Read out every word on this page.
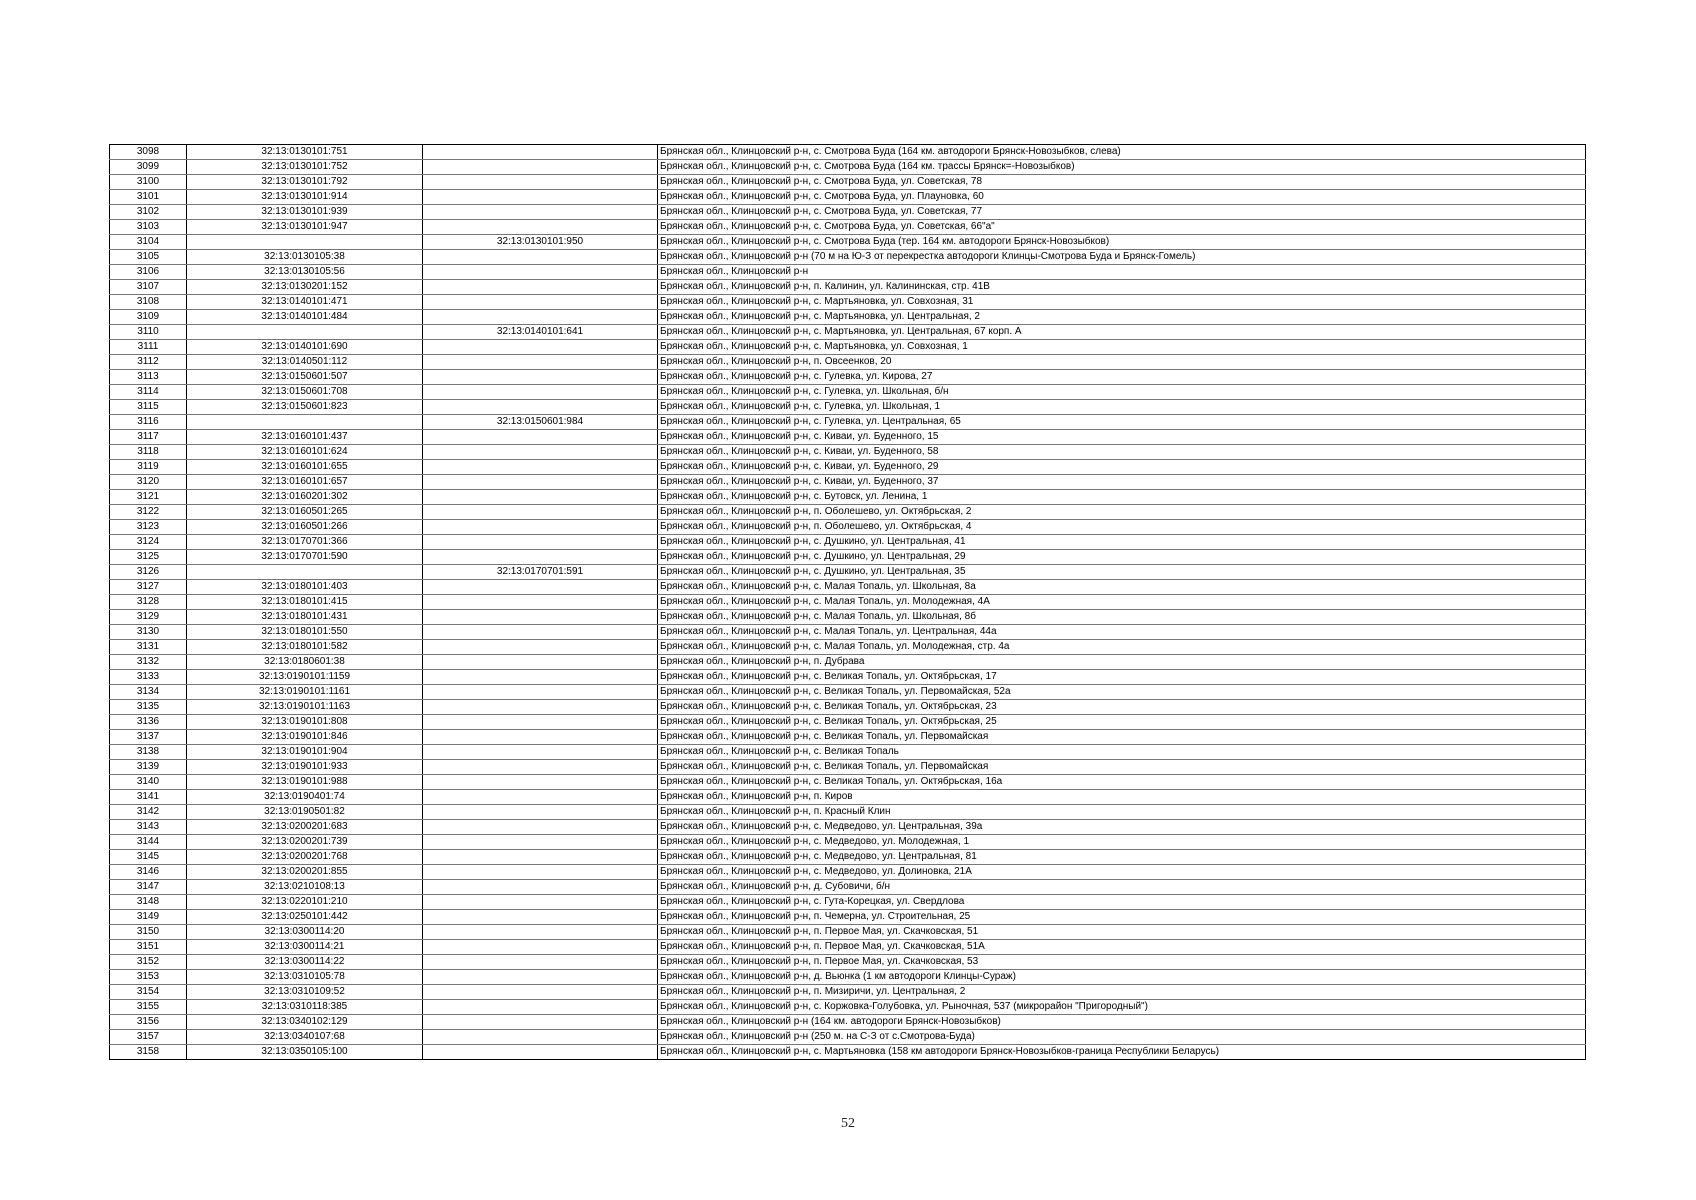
3098	32:13:0130101:751		Брянская обл., Клинцовский р-н, с. Смотрова Буда (164 км. автодороги Брянск-Новозыбков, слева)
3099	32:13:0130101:752		Брянская обл., Клинцовский р-н, с. Смотрова Буда (164 км. трассы Брянск=-Новозыбков)
3100	32:13:0130101:792		Брянская обл., Клинцовский р-н, с. Смотрова Буда, ул. Советская, 78
3101	32:13:0130101:914		Брянская обл., Клинцовский р-н, с. Смотрова Буда, ул. Плауновка, 60
3102	32:13:0130101:939		Брянская обл., Клинцовский р-н, с. Смотрова Буда, ул. Советская, 77
3103	32:13:0130101:947		Брянская обл., Клинцовский р-н, с. Смотрова Буда, ул. Советская, 66"а"
3104		32:13:0130101:950	Брянская обл., Клинцовский р-н, с. Смотрова Буда (тер. 164 км. автодороги Брянск-Новозыбков)
3105	32:13:0130105:38		Брянская обл., Клинцовский р-н (70 м на Ю-З от перекрестка автодороги Клинцы-Смотрова Буда и Брянск-Гомель)
3106	32:13:0130105:56		Брянская обл., Клинцовский р-н
3107	32:13:0130201:152		Брянская обл., Клинцовский р-н, п. Калинин, ул. Калининская, стр. 41В
3108	32:13:0140101:471		Брянская обл., Клинцовский р-н, с. Мартьяновка, ул. Совхозная, 31
3109	32:13:0140101:484		Брянская обл., Клинцовский р-н, с. Мартьяновка, ул. Центральная, 2
3110		32:13:0140101:641	Брянская обл., Клинцовский р-н, с. Мартьяновка, ул. Центральная, 67 корп. А
3111	32:13:0140101:690		Брянская обл., Клинцовский р-н, с. Мартьяновка, ул. Совхозная, 1
3112	32:13:0140501:112		Брянская обл., Клинцовский р-н, п. Овсеенков, 20
3113	32:13:0150601:507		Брянская обл., Клинцовский р-н, с. Гулевка, ул. Кирова, 27
3114	32:13:0150601:708		Брянская обл., Клинцовский р-н, с. Гулевка, ул. Школьная, б/н
3115	32:13:0150601:823		Брянская обл., Клинцовский р-н, с. Гулевка, ул. Школьная, 1
3116		32:13:0150601:984	Брянская обл., Клинцовский р-н, с. Гулевка, ул. Центральная, 65
3117	32:13:0160101:437		Брянская обл., Клинцовский р-н, с. Киваи, ул. Буденного, 15
3118	32:13:0160101:624		Брянская обл., Клинцовский р-н, с. Киваи, ул. Буденного, 58
3119	32:13:0160101:655		Брянская обл., Клинцовский р-н, с. Киваи, ул. Буденного, 29
3120	32:13:0160101:657		Брянская обл., Клинцовский р-н, с. Киваи, ул. Буденного, 37
3121	32:13:0160201:302		Брянская обл., Клинцовский р-н, с. Бутовск, ул. Ленина, 1
3122	32:13:0160501:265		Брянская обл., Клинцовский р-н, п. Оболешево, ул. Октябрьская, 2
3123	32:13:0160501:266		Брянская обл., Клинцовский р-н, п. Оболешево, ул. Октябрьская, 4
3124	32:13:0170701:366		Брянская обл., Клинцовский р-н, с. Душкино, ул. Центральная, 41
3125	32:13:0170701:590		Брянская обл., Клинцовский р-н, с. Душкино, ул. Центральная, 29
3126		32:13:0170701:591	Брянская обл., Клинцовский р-н, с. Душкино, ул. Центральная, 35
3127	32:13:0180101:403		Брянская обл., Клинцовский р-н, с. Малая Топаль, ул. Школьная, 8а
3128	32:13:0180101:415		Брянская обл., Клинцовский р-н, с. Малая Топаль, ул. Молодежная, 4А
3129	32:13:0180101:431		Брянская обл., Клинцовский р-н, с. Малая Топаль, ул. Школьная, 8б
3130	32:13:0180101:550		Брянская обл., Клинцовский р-н, с. Малая Топаль, ул. Центральная, 44а
3131	32:13:0180101:582		Брянская обл., Клинцовский р-н, с. Малая Топаль, ул. Молодежная, стр. 4а
3132	32:13:0180601:38		Брянская обл., Клинцовский р-н, п. Дубрава
3133	32:13:0190101:1159		Брянская обл., Клинцовский р-н, с. Великая Топаль, ул. Октябрьская, 17
3134	32:13:0190101:1161		Брянская обл., Клинцовский р-н, с. Великая Топаль, ул. Первомайская, 52а
3135	32:13:0190101:1163		Брянская обл., Клинцовский р-н, с. Великая Топаль, ул. Октябрьская, 23
3136	32:13:0190101:808		Брянская обл., Клинцовский р-н, с. Великая Топаль, ул. Октябрьская, 25
3137	32:13:0190101:846		Брянская обл., Клинцовский р-н, с. Великая Топаль, ул. Первомайская
3138	32:13:0190101:904		Брянская обл., Клинцовский р-н, с. Великая Топаль
3139	32:13:0190101:933		Брянская обл., Клинцовский р-н, с. Великая Топаль, ул. Первомайская
3140	32:13:0190101:988		Брянская обл., Клинцовский р-н, с. Великая Топаль, ул. Октябрьская, 16а
3141	32:13:0190401:74		Брянская обл., Клинцовский р-н, п. Киров
3142	32:13:0190501:82		Брянская обл., Клинцовский р-н, п. Красный Клин
3143	32:13:0200201:683		Брянская обл., Клинцовский р-н, с. Медведово, ул. Центральная, 39а
3144	32:13:0200201:739		Брянская обл., Клинцовский р-н, с. Медведово, ул. Молодежная, 1
3145	32:13:0200201:768		Брянская обл., Клинцовский р-н, с. Медведово, ул. Центральная, 81
3146	32:13:0200201:855		Брянская обл., Клинцовский р-н, с. Медведово, ул. Долиновка, 21А
3147	32:13:0210108:13		Брянская обл., Клинцовский р-н, д. Субовичи, б/н
3148	32:13:0220101:210		Брянская обл., Клинцовский р-н, с. Гута-Корецкая, ул. Свердлова
3149	32:13:0250101:442		Брянская обл., Клинцовский р-н, п. Чемерна, ул. Строительная, 25
3150	32:13:0300114:20		Брянская обл., Клинцовский р-н, п. Первое Мая, ул. Скачковская, 51
3151	32:13:0300114:21		Брянская обл., Клинцовский р-н, п. Первое Мая, ул. Скачковская, 51А
3152	32:13:0300114:22		Брянская обл., Клинцовский р-н, п. Первое Мая, ул. Скачковская, 53
3153	32:13:0310105:78		Брянская обл., Клинцовский р-н, д. Вьюнка (1 км автодороги Клинцы-Сураж)
3154	32:13:0310109:52		Брянская обл., Клинцовский р-н, п. Мизиричи, ул. Центральная, 2
3155	32:13:0310118:385		Брянская обл., Клинцовский р-н, с. Коржовка-Голубовка, ул. Рыночная, 537 (микрорайон "Пригородный")
3156	32:13:0340102:129		Брянская обл., Клинцовский р-н (164 км. автодороги Брянск-Новозыбков)
3157	32:13:0340107:68		Брянская обл., Клинцовский р-н (250 м. на С-З от с.Смотрова-Буда)
3158	32:13:0350105:100		Брянская обл., Клинцовский р-н, с. Мартьяновка (158 км автодороги Брянск-Новозыбков-граница Республики Беларусь)
52
